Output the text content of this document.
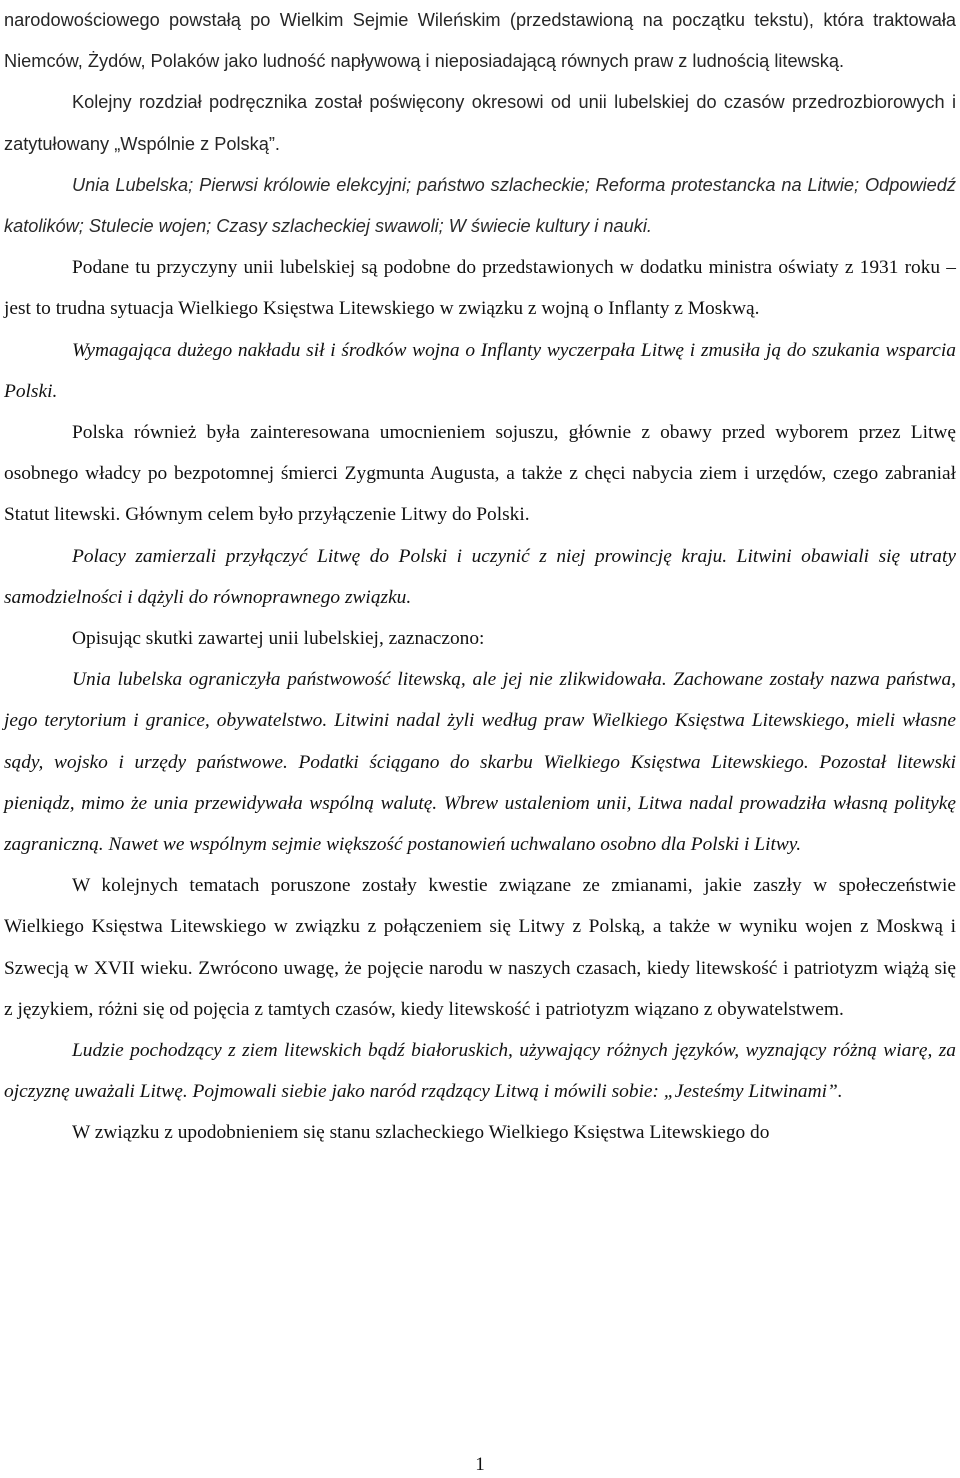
narodowościowego powstałą po Wielkim Sejmie Wileńskim (przedstawioną na początku tekstu), która traktowała Niemców, Żydów, Polaków jako ludność napływową i nieposiadającą równych praw z ludnością litewską.

Kolejny rozdział podręcznika został poświęcony okresowi od unii lubelskiej do czasów przedrozbiorowych i zatytułowany „Wspólnie z Polską”.

Unia Lubelska; Pierwsi królowie elekcyjni; państwo szlacheckie; Reforma protestancka na Litwie; Odpowiedź katolików; Stulecie wojen; Czasy szlacheckiej swawoli; W świecie kultury i nauki.

Podane tu przyczyny unii lubelskiej są podobne do przedstawionych w dodatku ministra oświaty z 1931 roku – jest to trudna sytuacja Wielkiego Księstwa Litewskiego w związku z wojną o Inflanty z Moskwą.

Wymagająca dużego nakładu sił i środków wojna o Inflanty wyczerpała Litwę i zmusiła ją do szukania wsparcia Polski.

Polska również była zainteresowana umocnieniem sojuszu, głównie z obawy przed wyborem przez Litwę osobnego władcy po bezpotomnej śmierci Zygmunta Augusta, a także z chęci nabycia ziem i urzędów, czego zabraniał Statut litewski. Głównym celem było przyłączenie Litwy do Polski.

Polacy zamierzali przyłączyć Litwę do Polski i uczynić z niej prowincję kraju. Litwini obawiali się utraty samodzielności i dążyli do równoprawnego związku.

Opisując skutki zawartej unii lubelskiej, zaznaczono:

Unia lubelska ograniczyła państwowość litewską, ale jej nie zlikwidowała. Zachowane zostały nazwa państwa, jego terytorium i granice, obywatelstwo. Litwini nadal żyli według praw Wielkiego Księstwa Litewskiego, mieli własne sądy, wojsko i urzędy państwowe. Podatki ściągano do skarbu Wielkiego Księstwa Litewskiego. Pozostał litewski pieniądz, mimo że unia przewidywała wspólną walutę. Wbrew ustaleniom unii, Litwa nadal prowadziła własną politykę zagraniczną. Nawet we wspólnym sejmie większość postanowień uchwalano osobno dla Polski i Litwy.

W kolejnych tematach poruszone zostały kwestie związane ze zmianami, jakie zaszły w społeczeństwie Wielkiego Księstwa Litewskiego w związku z połączeniem się Litwy z Polską, a także w wyniku wojen z Moskwą i Szwecją w XVII wieku. Zwrócono uwagę, że pojęcie narodu w naszych czasach, kiedy litewskość i patriotyzm wiążą się z językiem, różni się od pojęcia z tamtych czasów, kiedy litewskość i patriotyzm wiązano z obywatelstwem.

Ludzie pochodzący z ziem litewskich bądź białoruskich, używający różnych języków, wyznający różną wiarę, za ojczyznę uważali Litwę. Pojmowali siebie jako naród rządzący Litwą i mówili sobie: „Jesteśmy Litwinami”.

W związku z upodobnieniem się stanu szlacheckiego Wielkiego Księstwa Litewskiego do

1
